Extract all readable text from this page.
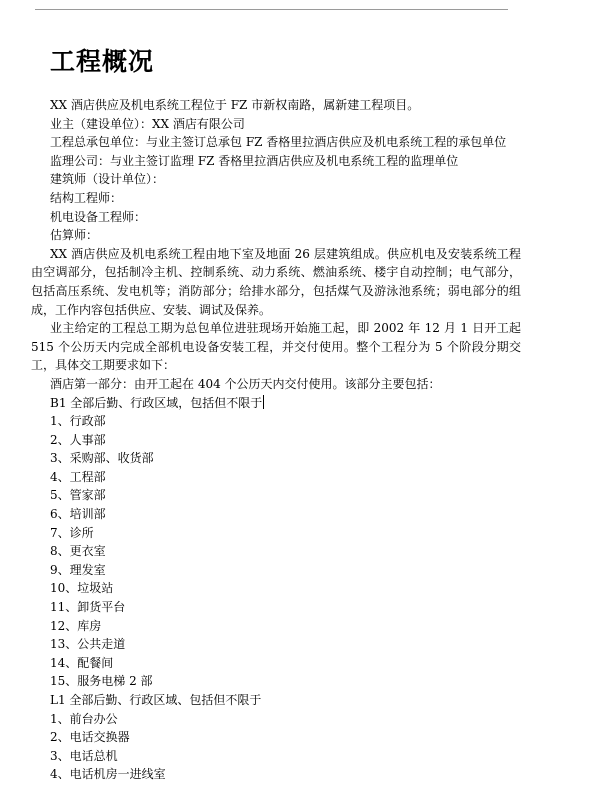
工程概况

XX 酒店供应及机电系统工程位于 FZ 市新权南路，属新建工程项目。

业主（建设单位）：XX 酒店有限公司

工程总承包单位：与业主签订总承包 FZ 香格里拉酒店供应及机电系统工程的承包单位

监理公司：与业主签订监理 FZ 香格里拉酒店供应及机电系统工程的监理单位

建筑师（设计单位）：

结构工程师：

机电设备工程师：

估算师：

XX 酒店供应及机电系统工程由地下室及地面 26 层建筑组成。供应机电及安装系统工程由空调部分，包括制冷主机、控制系统、动力系统、燃油系统、楼宇自动控制；电气部分，包括高压系统、发电机等；消防部分；给排水部分，包括煤气及游泳池系统；弱电部分的组成，工作内容包括供应、安装、调试及保养。

业主给定的工程总工期为总包单位进驻现场开始施工起，即 2002 年 12 月 1 日开工起 515 个公历天内完成全部机电设备安装工程，并交付使用。整个工程分为 5 个阶段分期交工，具体交工期要求如下：

酒店第一部分：由开工起在 404 个公历天内交付使用。该部分主要包括：

B1 全部后勤、行政区域，包括但不限于

1、行政部

2、人事部

3、采购部、收货部

4、工程部

5、管家部

6、培训部

7、诊所

8、更衣室

9、理发室

10、垃圾站

11、卸货平台

12、库房

13、公共走道

14、配餐间

15、服务电梯 2 部

L1 全部后勤、行政区域、包括但不限于

1、前台办公

2、电话交换器

3、电话总机

4、电话机房一进线室
